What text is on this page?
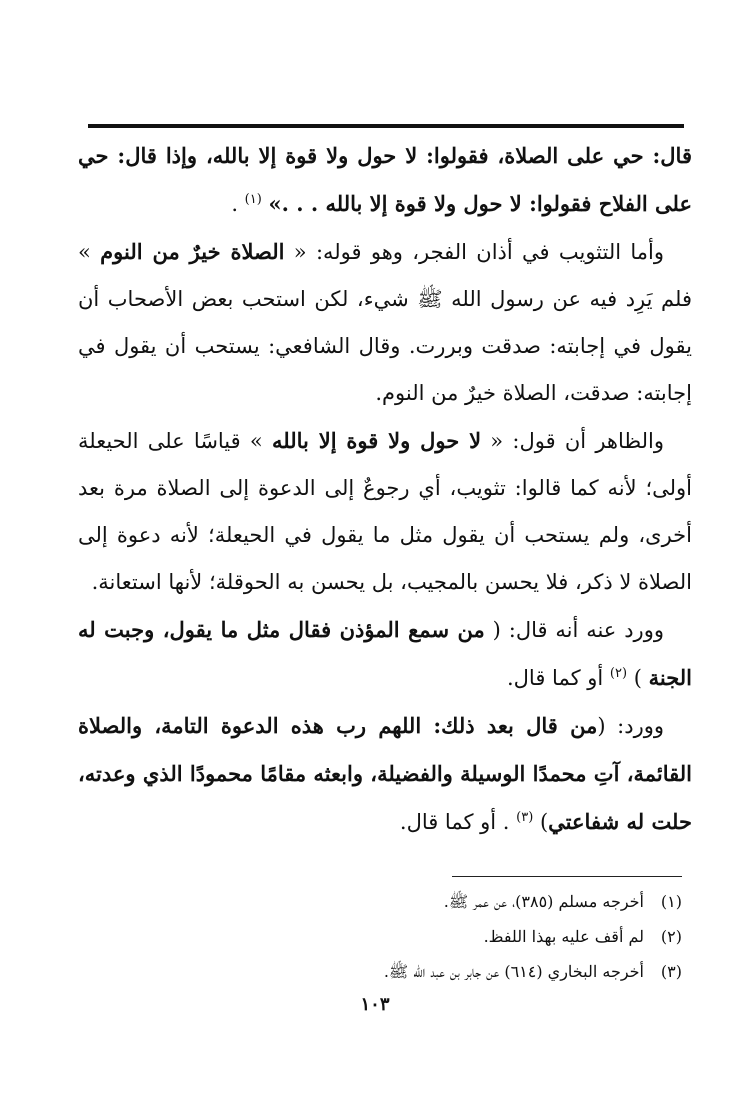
قال: حي على الصلاة، فقولوا: لا حول ولا قوة إلا بالله، وإذا قال: حي على الفلاح فقولوا: لا حول ولا قوة إلا بالله . . .» $^{(١)}$ .

وأما التثويب في أذان الفجر، وهو قوله: « الصلاة خيرٌ من النوم » فلم يَرِد فيه عن رسول الله ﷺ شيء، لكن استحب بعض الأصحاب أن يقول في إجابته: صدقت وبررت. وقال الشافعي: يستحب أن يقول في إجابته: صدقت، الصلاة خيرٌ من النوم.

والظاهر أن قول: « لا حول ولا قوة إلا بالله » قياسًا على الحيعلة أولى؛ لأنه كما قالوا: تثويب، أي رجوعٌ إلى الدعوة إلى الصلاة مرة بعد أخرى، ولم يستحب أن يقول مثل ما يقول في الحيعلة؛ لأنه دعوة إلى الصلاة لا ذكر، فلا يحسن بالمجيب، بل يحسن به الحوقلة؛ لأنها استعانة.

وورد عنه أنه قال: ( من سمع المؤذن فقال مثل ما يقول، وجبت له الجنة ) $^{(٢)}$ أو كما قال.

وورد: (من قال بعد ذلك: اللهم رب هذه الدعوة التامة، والصلاة القائمة، آتِ محمدًا الوسيلة والفضيلة، وابعثه مقامًا محمودًا الذي وعدته، حلت له شفاعتي) $^{(٣)}$ . أو كما قال.

(١)
أخرجه مسلم (٣٨٥)، عن عمر ﷺ.
(٢)
لم أقف عليه بهذا اللفظ.
(٣)
أخرجه البخاري (٦١٤) عن جابر بن عبد الله ﷺ.
١٠٣
